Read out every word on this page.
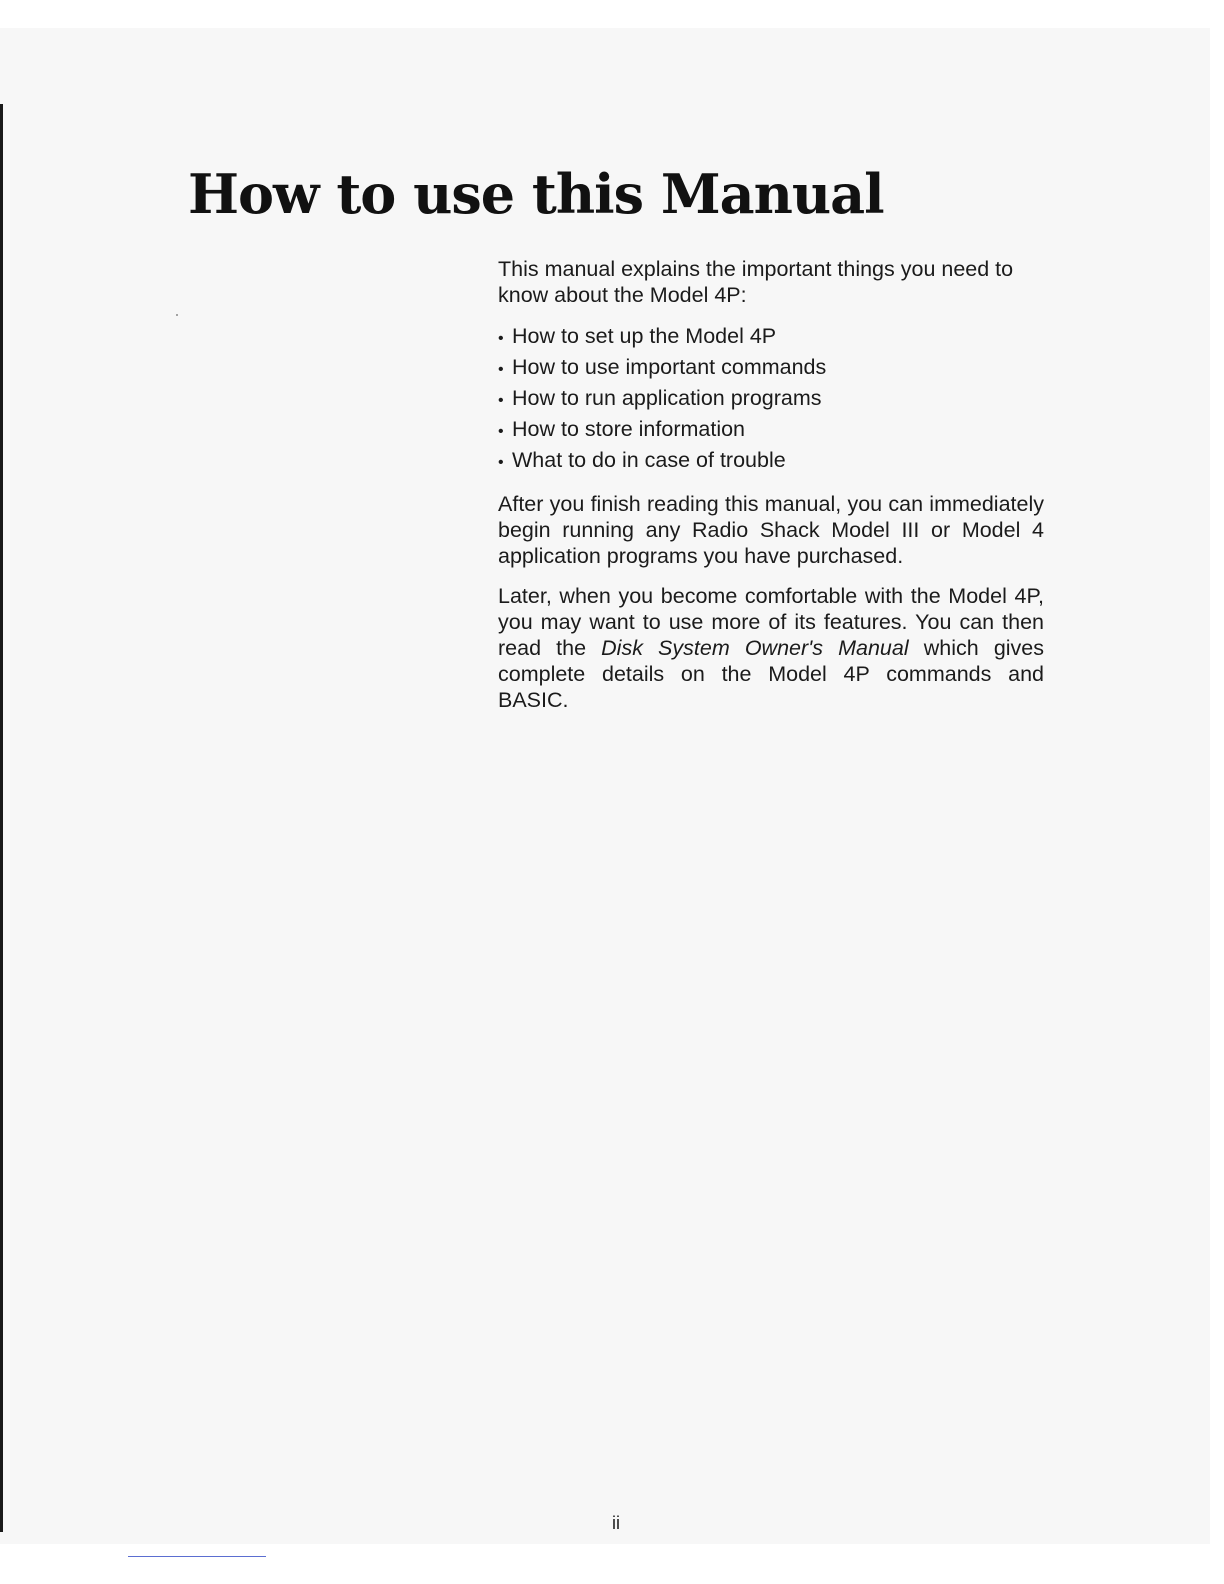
How to use this Manual

This manual explains the important things you need to know about the Model 4P:

• How to set up the Model 4P
• How to use important commands
• How to run application programs
• How to store information
• What to do in case of trouble

After you finish reading this manual, you can immediately begin running any Radio Shack Model III or Model 4 application programs you have purchased.

Later, when you become comfortable with the Model 4P, you may want to use more of its features. You can then read the Disk System Owner's Manual which gives complete details on the Model 4P commands and BASIC.

ii
